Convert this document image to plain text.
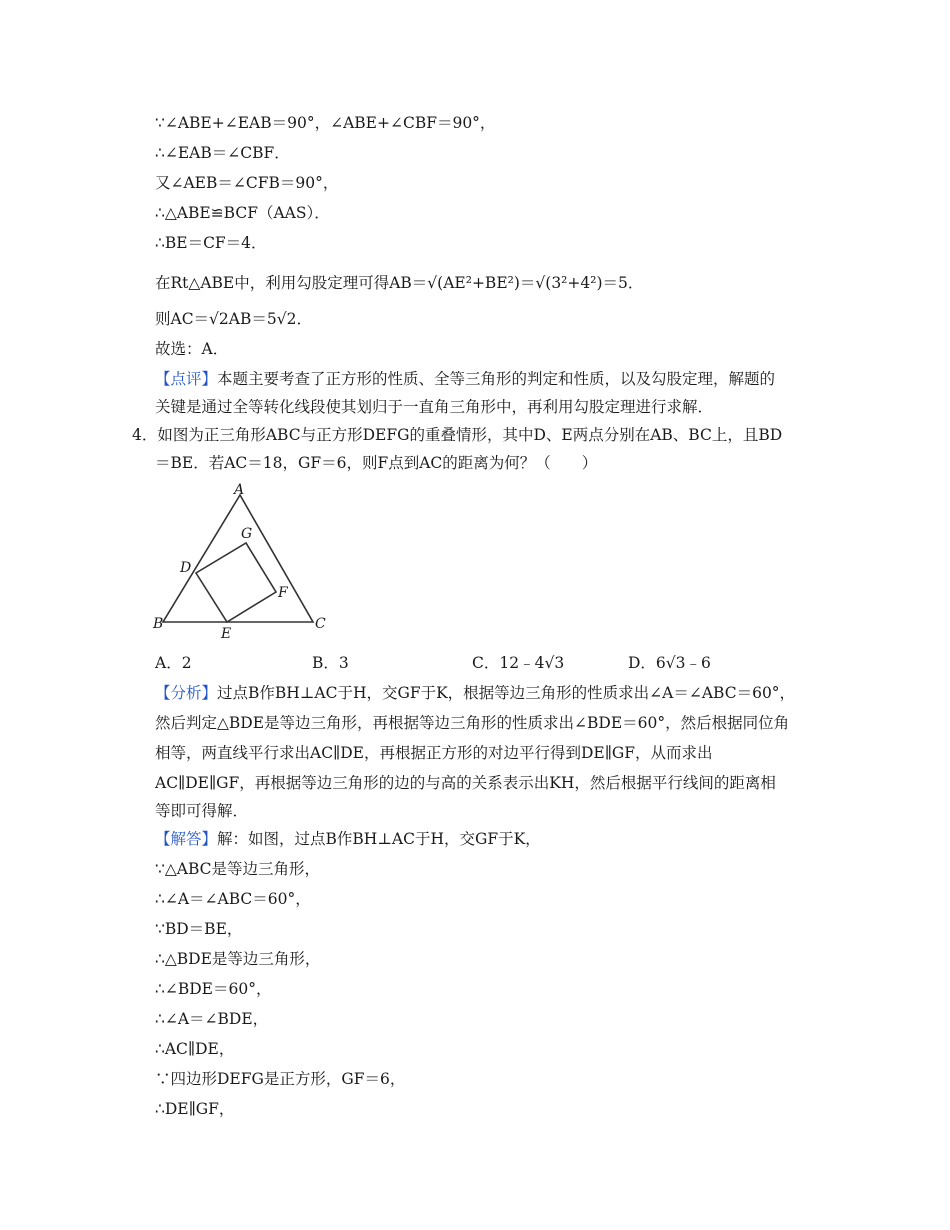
∵∠ABE+∠EAB＝90°，∠ABE+∠CBF＝90°，
∴∠EAB＝∠CBF．
又∠AEB＝∠CFB＝90°，
∴△ABE≌BCF（AAS）．
∴BE＝CF＝4．
在Rt△ABE中，利用勾股定理可得AB＝√(AE²+BE²)＝√(3²+4²)＝5．
则AC＝√2AB＝5√2．
故选：A．
【点评】本题主要考查了正方形的性质、全等三角形的判定和性质，以及勾股定理，解题的
关键是通过全等转化线段使其划归于一直角三角形中，再利用勾股定理进行求解．
4．如图为正三角形ABC与正方形DEFG的重叠情形，其中D、E两点分别在AB、BC上，且BD
＝BE．若AC＝18，GF＝6，则F点到AC的距离为何？（　　）
A
B	C
D
E
F
G
A．2	B．3	C．12﹣4√3	D．6√3﹣6
【分析】过点B作BH⊥AC于H，交GF于K，根据等边三角形的性质求出∠A＝∠ABC＝60°，
然后判定△BDE是等边三角形，再根据等边三角形的性质求出∠BDE＝60°，然后根据同位角
相等，两直线平行求出AC∥DE，再根据正方形的对边平行得到DE∥GF，从而求出
AC∥DE∥GF，再根据等边三角形的边的与高的关系表示出KH，然后根据平行线间的距离相
等即可得解．
【解答】解：如图，过点B作BH⊥AC于H，交GF于K，
∵△ABC是等边三角形，
∴∠A＝∠ABC＝60°，
∵BD＝BE，
∴△BDE是等边三角形，
∴∠BDE＝60°，
∴∠A＝∠BDE，
∴AC∥DE，
∵四边形DEFG是正方形，GF＝6，
∴DE∥GF，
